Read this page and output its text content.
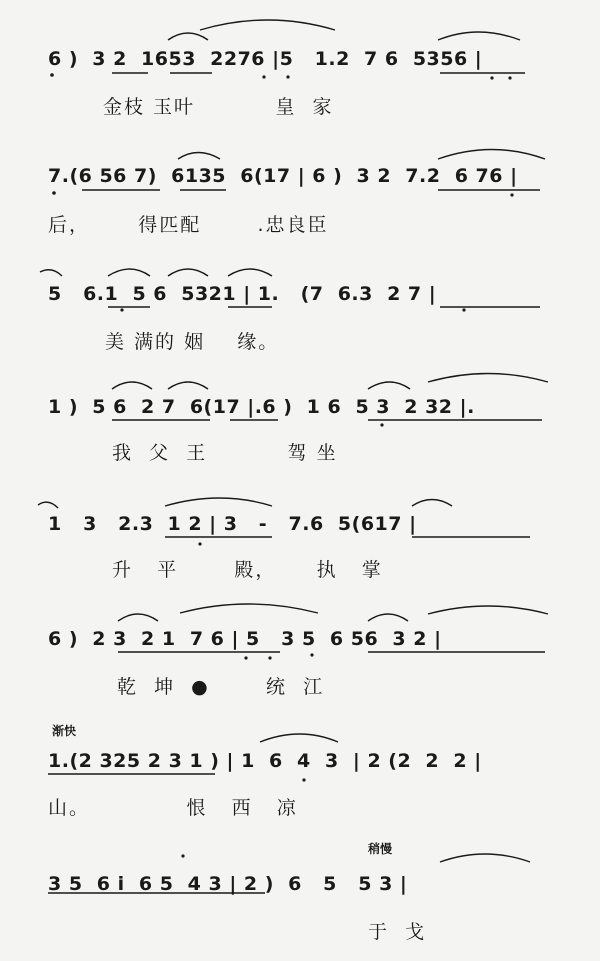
6 )  3 2  1653  2276 |5   1.2  7 6  5356 |
金枝 玉叶          皇  家
7.(6 56 7)  6135  6(17 | 6 )  3 2  7.2  6 76 |
后，      得匹配       .忠良臣
5   6.1  5 6  5321 | 1.   (7  6.3  2 7 |
美 满的 姻    缘。
1 )  5 6  2 7  6(17 |.6 )  1 6  5 3  2 32 |.
我  父  王          驾 坐
1   3   2.3  1 2 | 3   -   7.6  5(617 |
升   平       殿，     执   掌
6 )  2 3  2 1  7 6 | 5   3 5  6 56  3 2 |
乾  坤  ●       统  江
渐快
1.(2 325 2 3 1 ) | 1  6  4  3  | 2 (2  2  2 |
山。            恨   西   凉
稍慢
3 5  6 i  6 5  4 3 | 2 )  6   5   5 3 |
于  戈
